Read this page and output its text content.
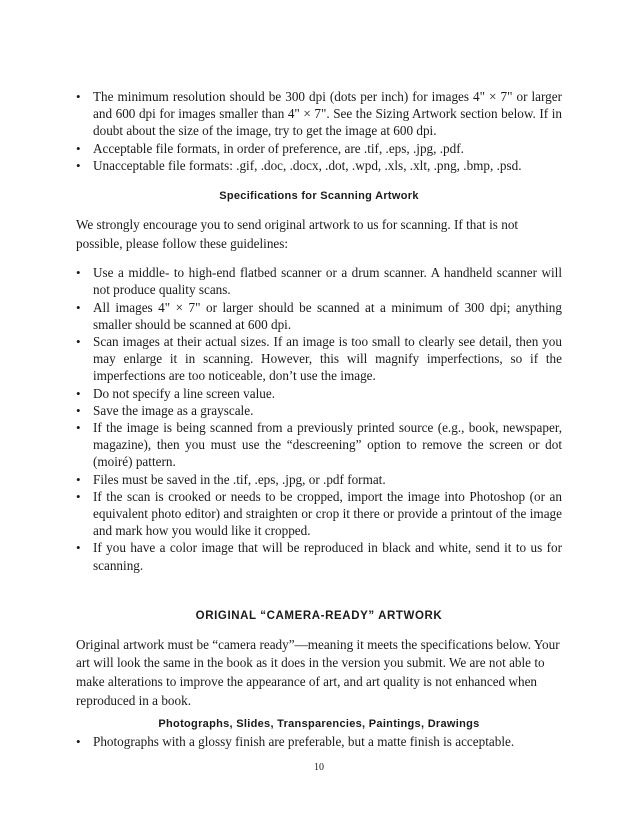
• The minimum resolution should be 300 dpi (dots per inch) for images 4" × 7" or larger and 600 dpi for images smaller than 4" × 7". See the Sizing Artwork section below. If in doubt about the size of the image, try to get the image at 600 dpi.
• Acceptable file formats, in order of preference, are .tif, .eps, .jpg, .pdf.
• Unacceptable file formats: .gif, .doc, .docx, .dot, .wpd, .xls, .xlt, .png, .bmp, .psd.
Specifications for Scanning Artwork

We strongly encourage you to send original artwork to us for scanning. If that is not possible, please follow these guidelines:

• Use a middle- to high-end flatbed scanner or a drum scanner. A handheld scanner will not produce quality scans.
• All images 4" × 7" or larger should be scanned at a minimum of 300 dpi; anything smaller should be scanned at 600 dpi.
• Scan images at their actual sizes. If an image is too small to clearly see detail, then you may enlarge it in scanning. However, this will magnify imperfections, so if the imperfections are too noticeable, don’t use the image.
• Do not specify a line screen value.
• Save the image as a grayscale.
• If the image is being scanned from a previously printed source (e.g., book, newspaper, magazine), then you must use the “descreening” option to remove the screen or dot (moiré) pattern.
• Files must be saved in the .tif, .eps, .jpg, or .pdf format.
• If the scan is crooked or needs to be cropped, import the image into Photoshop (or an equivalent photo editor) and straighten or crop it there or provide a printout of the image and mark how you would like it cropped.
• If you have a color image that will be reproduced in black and white, send it to us for scanning.
ORIGINAL “CAMERA-READY” ARTWORK

Original artwork must be “camera ready”—meaning it meets the specifications below. Your art will look the same in the book as it does in the version you submit. We are not able to make alterations to improve the appearance of art, and art quality is not enhanced when reproduced in a book.

Photographs, Slides, Transparencies, Paintings, Drawings
• Photographs with a glossy finish are preferable, but a matte finish is acceptable.
10
